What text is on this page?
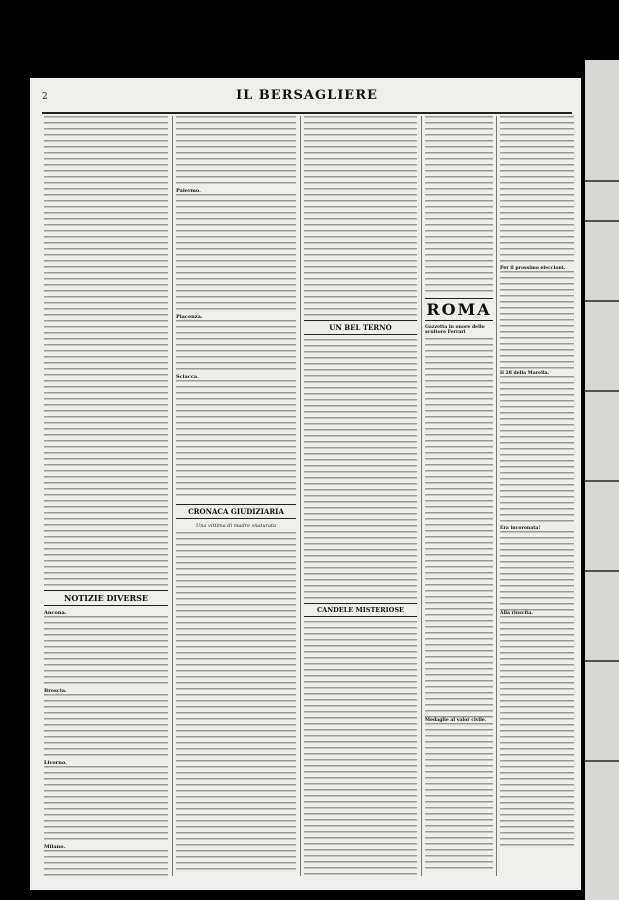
2	IL BERSAGLIERE
NOTIZIE DIVERSE
Ancona.
Brescia.
Livorno.
Milano.
Palermo.
Piacenza.
Sciacca.
CRONACA GIUDIZIARIA
Una vittima di madre snaturata
UN BEL TERNO
CANDELE MISTERIOSE
ROMA
Gazzetta in onore dello scultore Ferrari
Medaglie al valor civile.
Per il prossimo eleccioni.
Il 28 della Marella.
Era incoronata!
Alla riuscita.
